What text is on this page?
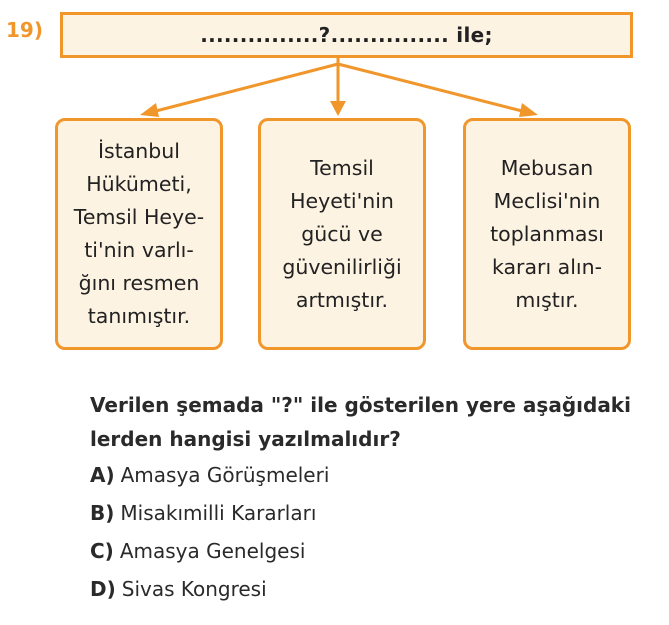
19)	...............?............... ile;
İstanbul
Hükümeti,
Temsil Heye-
ti'nin varlı-
ğını resmen
tanımıştır.
Temsil
Heyeti'nin
gücü ve
güvenilirliği
artmıştır.
Mebusan
Meclisi'nin
toplanması
kararı alın-
mıştır.
Verilen şemada "?" ile gösterilen yere aşağıdaki
lerden hangisi yazılmalıdır?
A) Amasya Görüşmeleri
B) Misakımilli Kararları
C) Amasya Genelgesi
D) Sivas Kongresi
